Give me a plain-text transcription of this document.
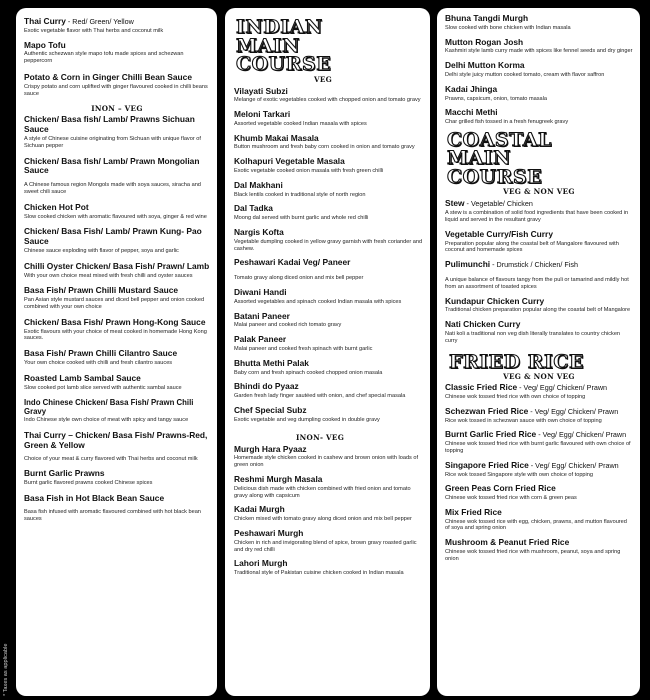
* Taxes as applicable
Thai Curry - Red/ Green/ Yellow
Exotic vegetable flavor with Thai herbs and coconut milk
Mapo Tofu
Authentic schezwan style mapo tofu made spices and schezwan peppercorn
Potato & Corn in Ginger Chilli Bean Sauce
Crispy potato and corn uplifted with ginger flavoured cooked in chilli beans sauce
INON – VEG
Chicken/ Basa fish/ Lamb/ Prawns Sichuan Sauce
A style of Chinese cuisine originating from Sichuan with unique flavor of Sichuan pepper
Chicken/ Basa fish/ Lamb/ Prawn Mongolian Sauce
A Chinese famous region Mongols made with soya sauces, siracha and sweet chili sauce
Chicken Hot Pot
Slow cooked chicken with aromatic flavoured with soya, ginger & red wine
Chicken/ Basa Fish/ Lamb/ Prawn Kung- Pao Sauce
Chinese sauce exploding with flavor of pepper, soya and garlic
Chilli Oyster Chicken/ Basa Fish/ Prawn/ Lamb
With your own choice meat mixed with fresh chilli and oyster sauces
Basa Fish/ Prawn Chilli Mustard Sauce
Pan Asian style mustard sauces and diced bell pepper and onion cooked combined with your own choice
Chicken/ Basa Fish/ Prawn Hong-Kong Sauce
Exotic flavours with your choice of meat cooked in homemade Hong Kong sauces.
Basa Fish/ Prawn Chilli Cilantro Sauce
Your own choice cooked with chilli and fresh cilantro sauces
Roasted Lamb Sambal Sauce
Slow cooked pot lamb slice served with authentic sambal sauce
Indo Chinese Chicken/ Basa Fish/ Prawn Chili Gravy
Indo Chinese style own choice of meat with spicy and tangy sauce
Thai Curry – Chicken/ Basa Fish/ Prawns-Red, Green & Yellow
Choice of your meat & curry flavored with Thai herbs and coconut milk
Burnt Garlic Prawns
Burnt garlic flavored prawns cooked Chinese spices
Basa Fish in Hot Black Bean Sauce
Basa fish infused with aromatic flavoured combined with hot black bean sauces
INDIAN
MAIN
COURSE
VEG
Vilayati Subzi
Melange of exotic vegetables cooked with chopped onion and tomato gravy
Meloni Tarkari
Assorted vegetable cooked Indian masala with spices
Khumb Makai Masala
Button mushroom and fresh baby corn cooked in onion and tomato gravy
Kolhapuri Vegetable Masala
Exotic vegetable cooked onion masala with fresh green chilli
Dal Makhani
Black lentils cooked in traditional style of north region
Dal Tadka
Moong dal served with burnt garlic and whole red chilli
Nargis Kofta
Vegetable dumpling cooked in yellow gravy garnish with fresh coriander and cashew.
Peshawari Kadai Veg/ Paneer
Tomato gravy along diced onion and mix bell pepper
Diwani Handi
Assorted vegetables and spinach cooked Indian masala with spices
Batani Paneer
Malai paneer and cooked rich tomato gravy
Palak Paneer
Malai paneer and cooked fresh spinach with burnt garlic
Bhutta Methi Palak
Baby corn and fresh spinach cooked chopped onion masala
Bhindi do Pyaaz
Garden fresh lady finger sautéed with onion, and chef special masala
Chef Special Subz
Exotic vegetable and veg dumpling cooked in double gravy
INON- VEG
Murgh Hara Pyaaz
Homemade style chicken cooked in cashew and brown onion with loads of green onion
Reshmi Murgh Masala
Delicious dish made with chicken combined with fried onion and tomato gravy along with capsicum
Kadai Murgh
Chicken mixed with tomato gravy along diced onion and mix bell pepper
Peshawari Murgh
Chicken in rich and invigorating blend of spice, brown gravy roasted garlic and dry red chilli
Lahori Murgh
Traditional style of Pakistan cuisine chicken cooked in Indian masala
Bhuna Tangdi Murgh
Slow cooked with bone chicken with Indian masala
Mutton Rogan Josh
Kashmiri style lamb curry made with spices like fennel seeds and dry ginger
Delhi Mutton Korma
Delhi style juicy mutton cooked tomato, cream with flavor saffron
Kadai Jhinga
Prawns, capsicum, onion, tomato masala
Macchi Methi
Char grilled fish tossed in a fresh fenugreek gravy
COASTAL
MAIN
COURSE
VEG & NON VEG
Stew - Vegetable/ Chicken
A stew is a combination of solid food ingredients that have been cooked in liquid and served in the resultant gravy
Vegetable Curry/Fish Curry
Preparation popular along the coastal belt of Mangalore flavoured with coconut and homemade spices
Pulimunchi - Drumstick / Chicken/ Fish
A unique balance of flavours tangy from the puli or tamarind and mildly hot from an assortment of toasted spices
Kundapur Chicken Curry
Traditional chicken preparation popular along the coastal belt of Mangalore
Nati Chicken Curry
Nati koli a traditional non veg dish literally translates to country chicken curry
FRIED RICE
VEG & NON VEG
Classic Fried Rice - Veg/ Egg/ Chicken/ Prawn
Chinese wok tossed fried rice with own choice of topping
Schezwan Fried Rice - Veg/ Egg/ Chicken/ Prawn
Rice wok tossed in schezwan sauce with own choice of topping
Burnt Garlic Fried Rice - Veg/ Egg/ Chicken/ Prawn
Chinese wok tossed fried rice with burnt garlic flavoured with own choice of topping
Singapore Fried Rice - Veg/ Egg/ Chicken/ Prawn
Rice wok tossed Singapore style with own choice of topping
Green Peas Corn Fried Rice
Chinese wok tossed fried rice with corn & green peas
Mix Fried Rice
Chinese wok tossed rice with egg, chicken, prawns, and mutton flavoured of soya and spring onion
Mushroom & Peanut Fried Rice
Chinese wok tossed fried rice with mushroom, peanut, soya and spring onion
